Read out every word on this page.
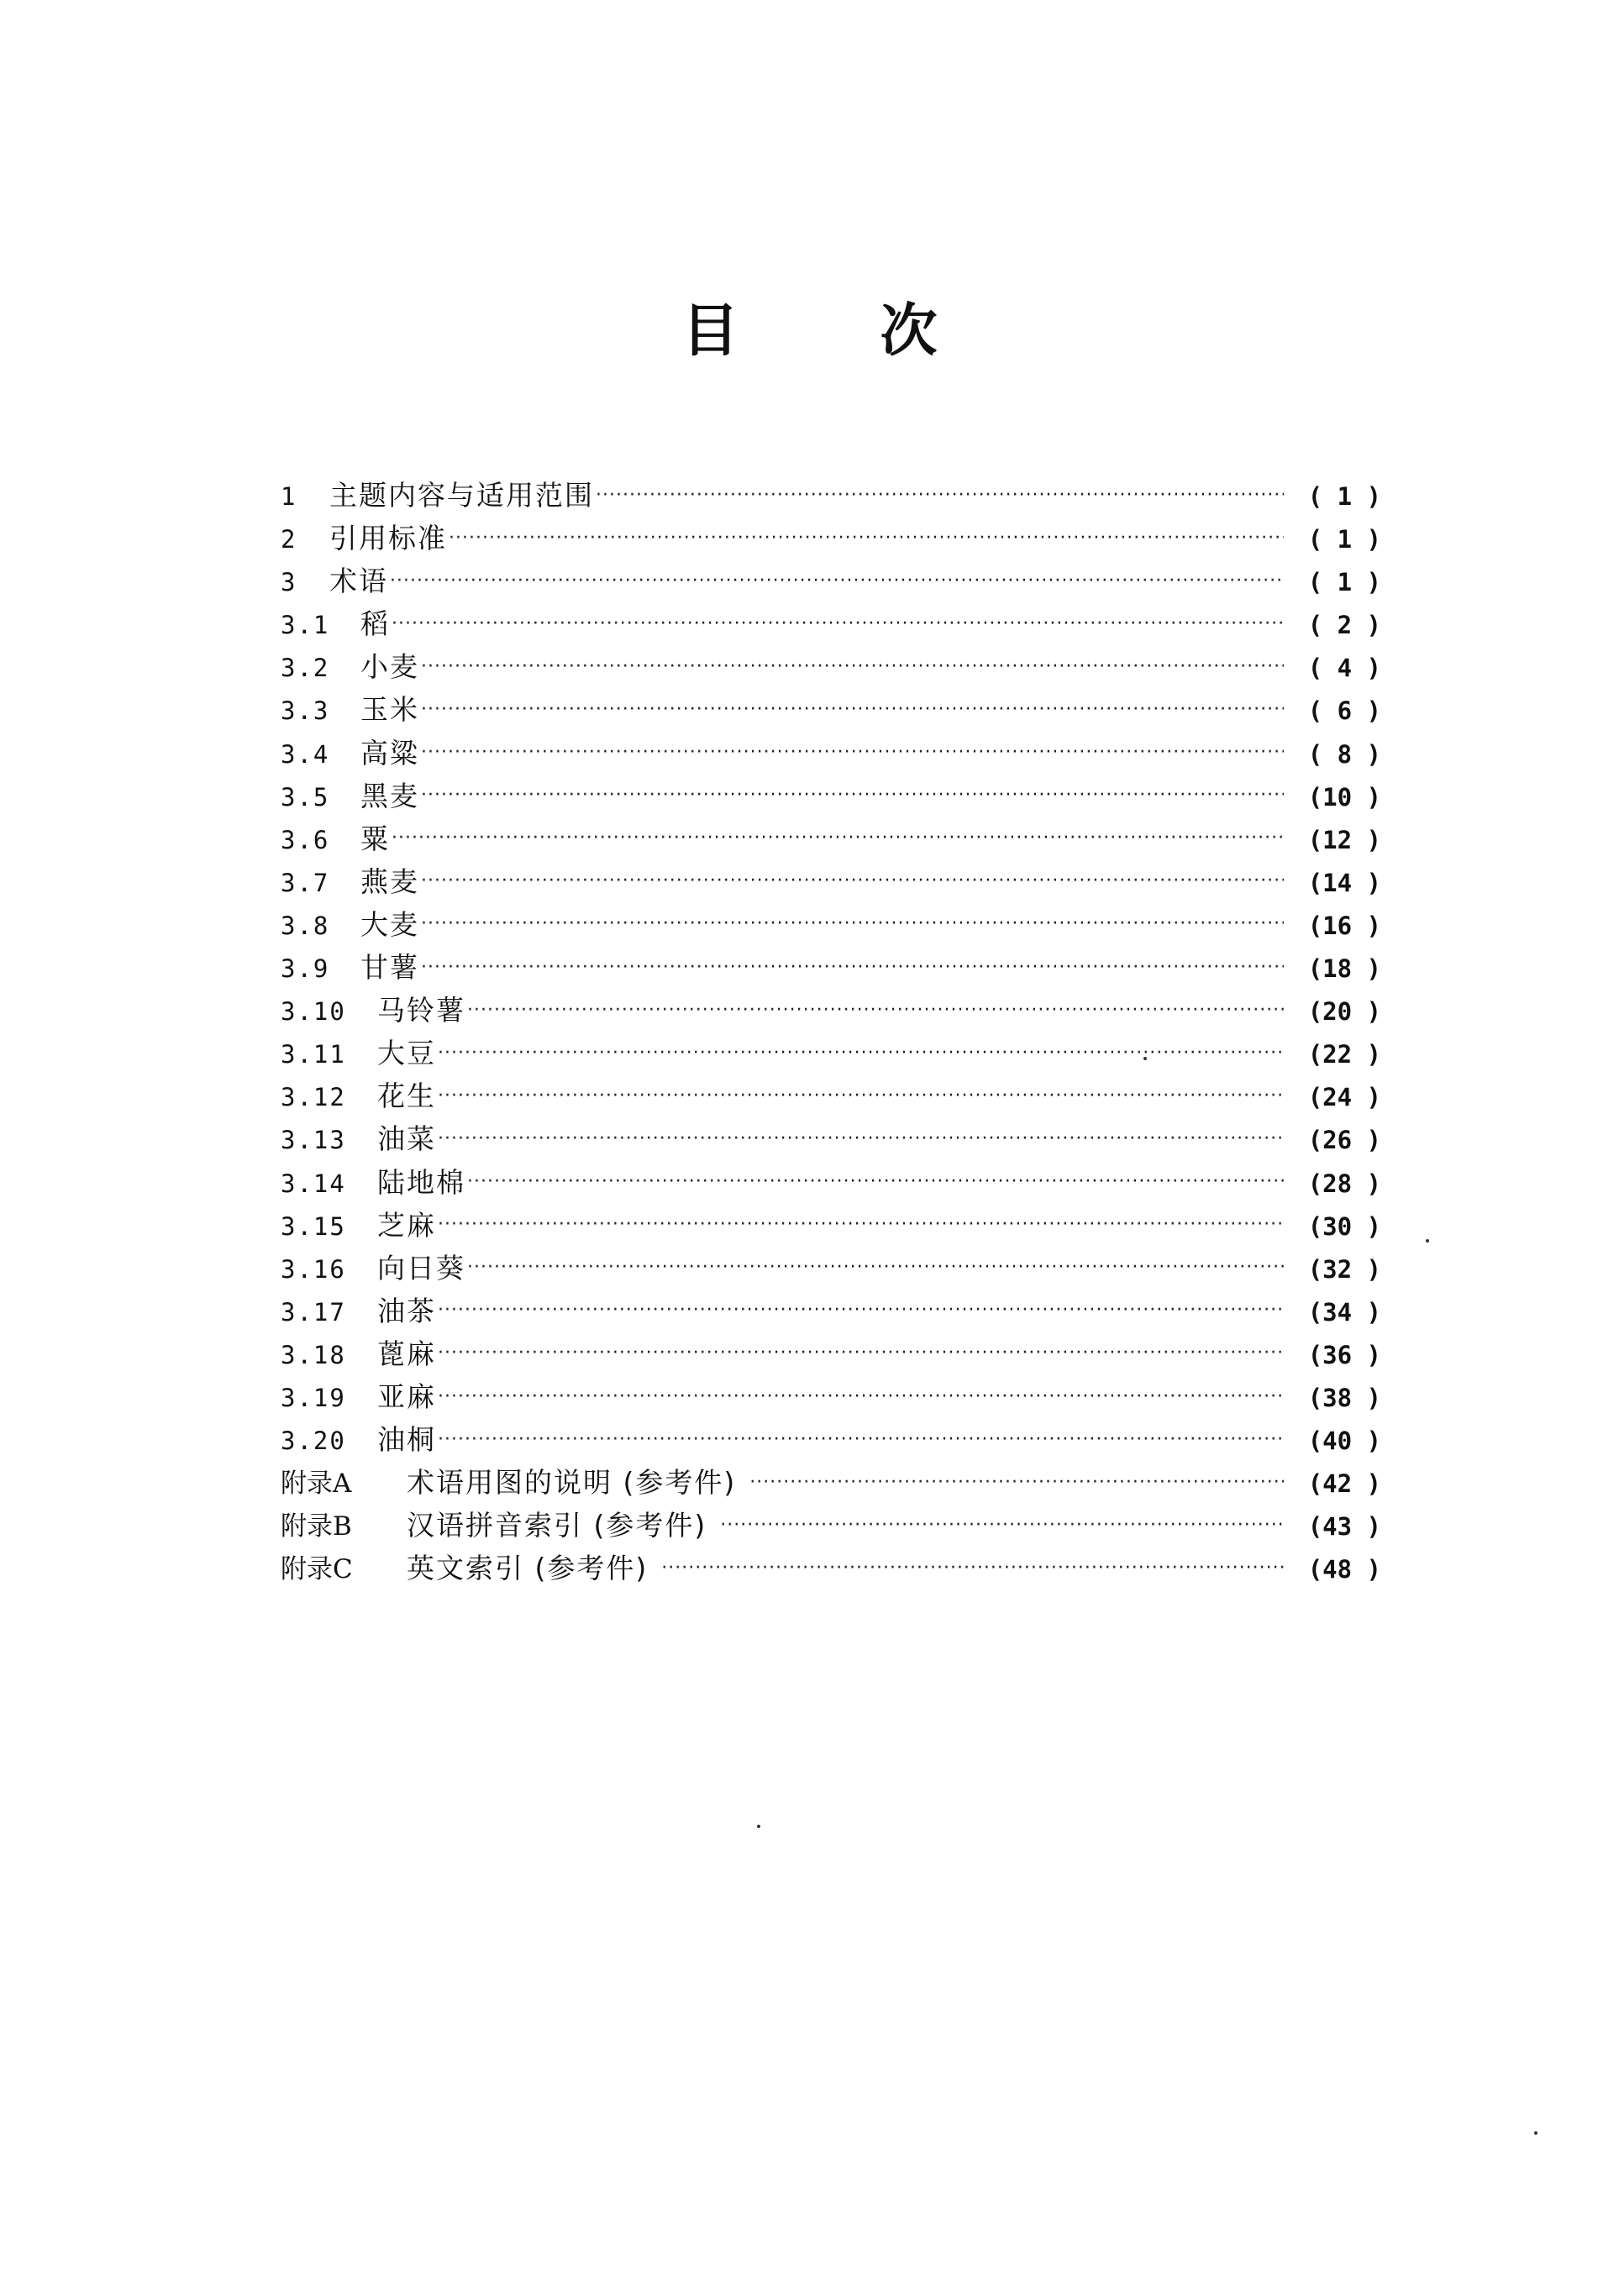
目 次
1	主题内容与适用范围 ·····	( 1 )
2	引用标准 ·····	( 1 )
3	术语 ·····	( 1 )
3.1	稻 ·····	( 2 )
3.2	小麦 ·····	( 4 )
3.3	玉米 ·····	( 6 )
3.4	高粱 ·····	( 8 )
3.5	黑麦 ·····	(10 )
3.6	粟 ·····	(12 )
3.7	燕麦 ·····	(14 )
3.8	大麦 ·····	(16 )
3.9	甘薯 ·····	(18 )
3.10	马铃薯 ·····	(20 )
3.11	大豆 ·····	(22 )
3.12	花生 ·····	(24 )
3.13	油菜 ·····	(26 )
3.14	陆地棉 ·····	(28 )
3.15	芝麻 ·····	(30 )
3.16	向日葵 ·····	(32 )
3.17	油茶 ·····	(34 )
3.18	蓖麻 ·····	(36 )
3.19	亚麻 ·····	(38 )
3.20	油桐 ·····	(40 )
附录A	术语用图的说明 (参考件) ·····	(42 )
附录B	汉语拼音索引 (参考件) ·····	(43 )
附录C	英文索引 (参考件) ·····	(48 )
